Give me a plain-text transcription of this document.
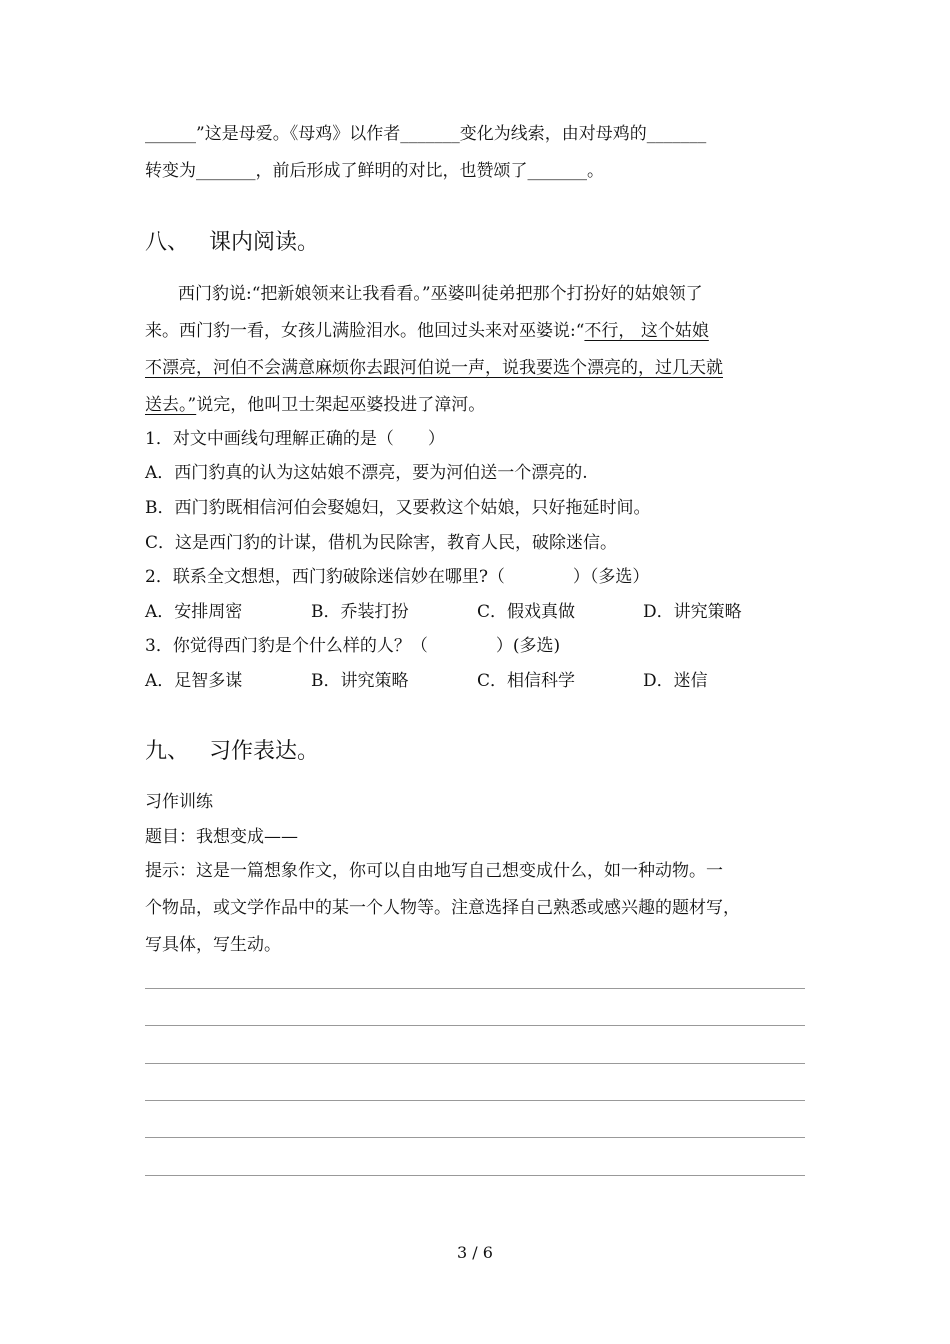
______”这是母爱。《母鸡》以作者_______变化为线索，由对母鸡的_______
转变为_______，前后形成了鲜明的对比，也赞颂了_______。
八、 课内阅读。
西门豹说:“把新娘领来让我看看。”巫婆叫徒弟把那个打扮好的姑娘领了
来。西门豹一看，女孩儿满脸泪水。他回过头来对巫婆说:“不行， 这个姑娘
不漂亮，河伯不会满意麻烦你去跟河伯说一声，说我要选个漂亮的，过几天就
送去。”说完，他叫卫士架起巫婆投进了漳河。
1．对文中画线句理解正确的是（　　）
A．西门豹真的认为这姑娘不漂亮，要为河伯送一个漂亮的.
B．西门豹既相信河伯会娶媳妇，又要救这个姑娘，只好拖延时间。
C．这是西门豹的计谋，借机为民除害，教育人民，破除迷信。
2．联系全文想想，西门豹破除迷信妙在哪里?（　　　　）（多选）
A．安排周密	B．乔装打扮	C．假戏真做	D．讲究策略
3．你觉得西门豹是个什么样的人？（　　　　）(多选)
A．足智多谋	B．讲究策略	C．相信科学	D．迷信
九、 习作表达。
习作训练
题目：我想变成——
提示：这是一篇想象作文，你可以自由地写自己想变成什么，如一种动物。一
个物品，或文学作品中的某一个人物等。注意选择自己熟悉或感兴趣的题材写，
写具体，写生动。
3 / 6
